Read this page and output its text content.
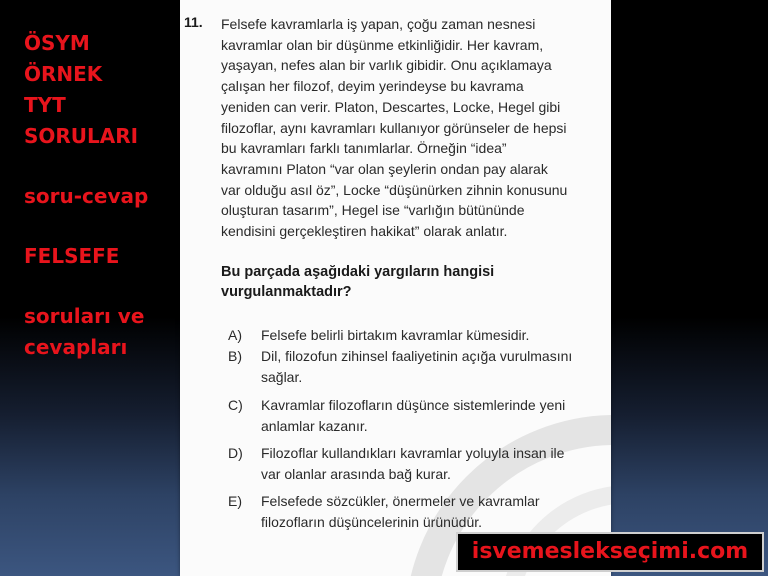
ÖSYM
ÖRNEK
TYT
SORULARI
soru-cevap
FELSEFE
soruları ve
cevapları
11. Felsefe kavramlarla iş yapan, çoğu zaman nesnesi
kavramlar olan bir düşünme etkinliğidir. Her kavram,
yaşayan, nefes alan bir varlık gibidir. Onu açıklamaya
çalışan her filozof, deyim yerindeyse bu kavrama
yeniden can verir. Platon, Descartes, Locke, Hegel gibi
filozoflar, aynı kavramları kullanıyor görünseler de hepsi
bu kavramları farklı tanımlarlar. Örneğin “idea”
kavramını Platon “var olan şeylerin ondan pay alarak
var olduğu asıl öz”, Locke “düşünürken zihnin konusunu
oluşturan tasarım”, Hegel ise “varlığın bütününde
kendisini gerçekleştiren hakikat” olarak anlatır.
Bu parçada aşağıdaki yargıların hangisi
vurgulanmaktadır?
A)	Felsefe belirli birtakım kavramlar kümesidir.
B)	Dil, filozofun zihinsel faaliyetinin açığa vurulmasını
sağlar.
C)	Kavramlar filozofların düşünce sistemlerinde yeni
anlamlar kazanır.
D)	Filozoflar kullandıkları kavramlar yoluyla insan ile
var olanlar arasında bağ kurar.
E)	Felsefede sözcükler, önermeler ve kavramlar
filozofların düşüncelerinin ürünüdür.
isvemeslekseçimi.com
